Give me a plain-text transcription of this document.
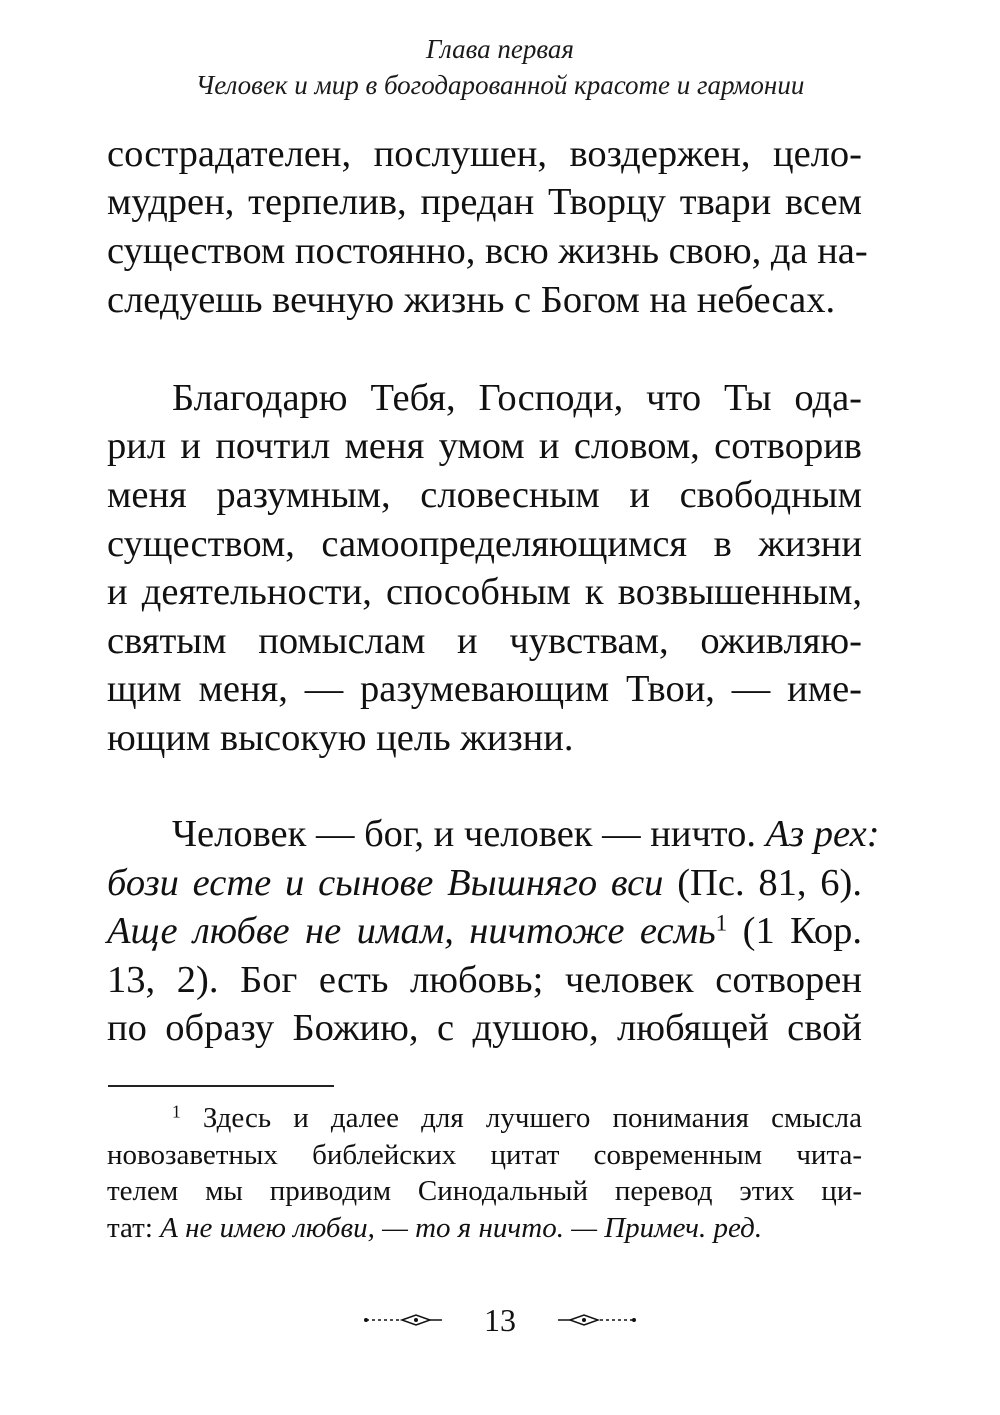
Глава первая
Человек и мир в богодарованной красоте и гармонии
сострадателен, послушен, воздержен, цело-
мудрен, терпелив, предан Творцу твари всем
существом постоянно, всю жизнь свою, да на-
следуешь вечную жизнь с Богом на небесах.
Благодарю Тебя, Господи, что Ты ода-
рил и почтил меня умом и словом, сотворив
меня разумным, словесным и свободным
существом, самоопределяющимся в жизни
и деятельности, способным к возвышенным,
святым помыслам и чувствам, оживляю-
щим меня, — разумевающим Твои, — име-
ющим высокую цель жизни.
Человек — бог, и человек — ничто. Аз рех:
бози есте и сынове Вышняго вси (Пс. 81, 6).
Аще любве не имам, ничтоже есмь$^1$ (1 Кор.
13, 2). Бог есть любовь; человек сотворен
по образу Божию, с душою, любящей свой
$^1$ Здесь и далее для лучшего понимания смысла
новозаветных библейских цитат современным чита-
телем мы приводим Синодальный перевод этих ци-
тат: А не имею любви, — то я ничто. — Примеч. ред.
13
